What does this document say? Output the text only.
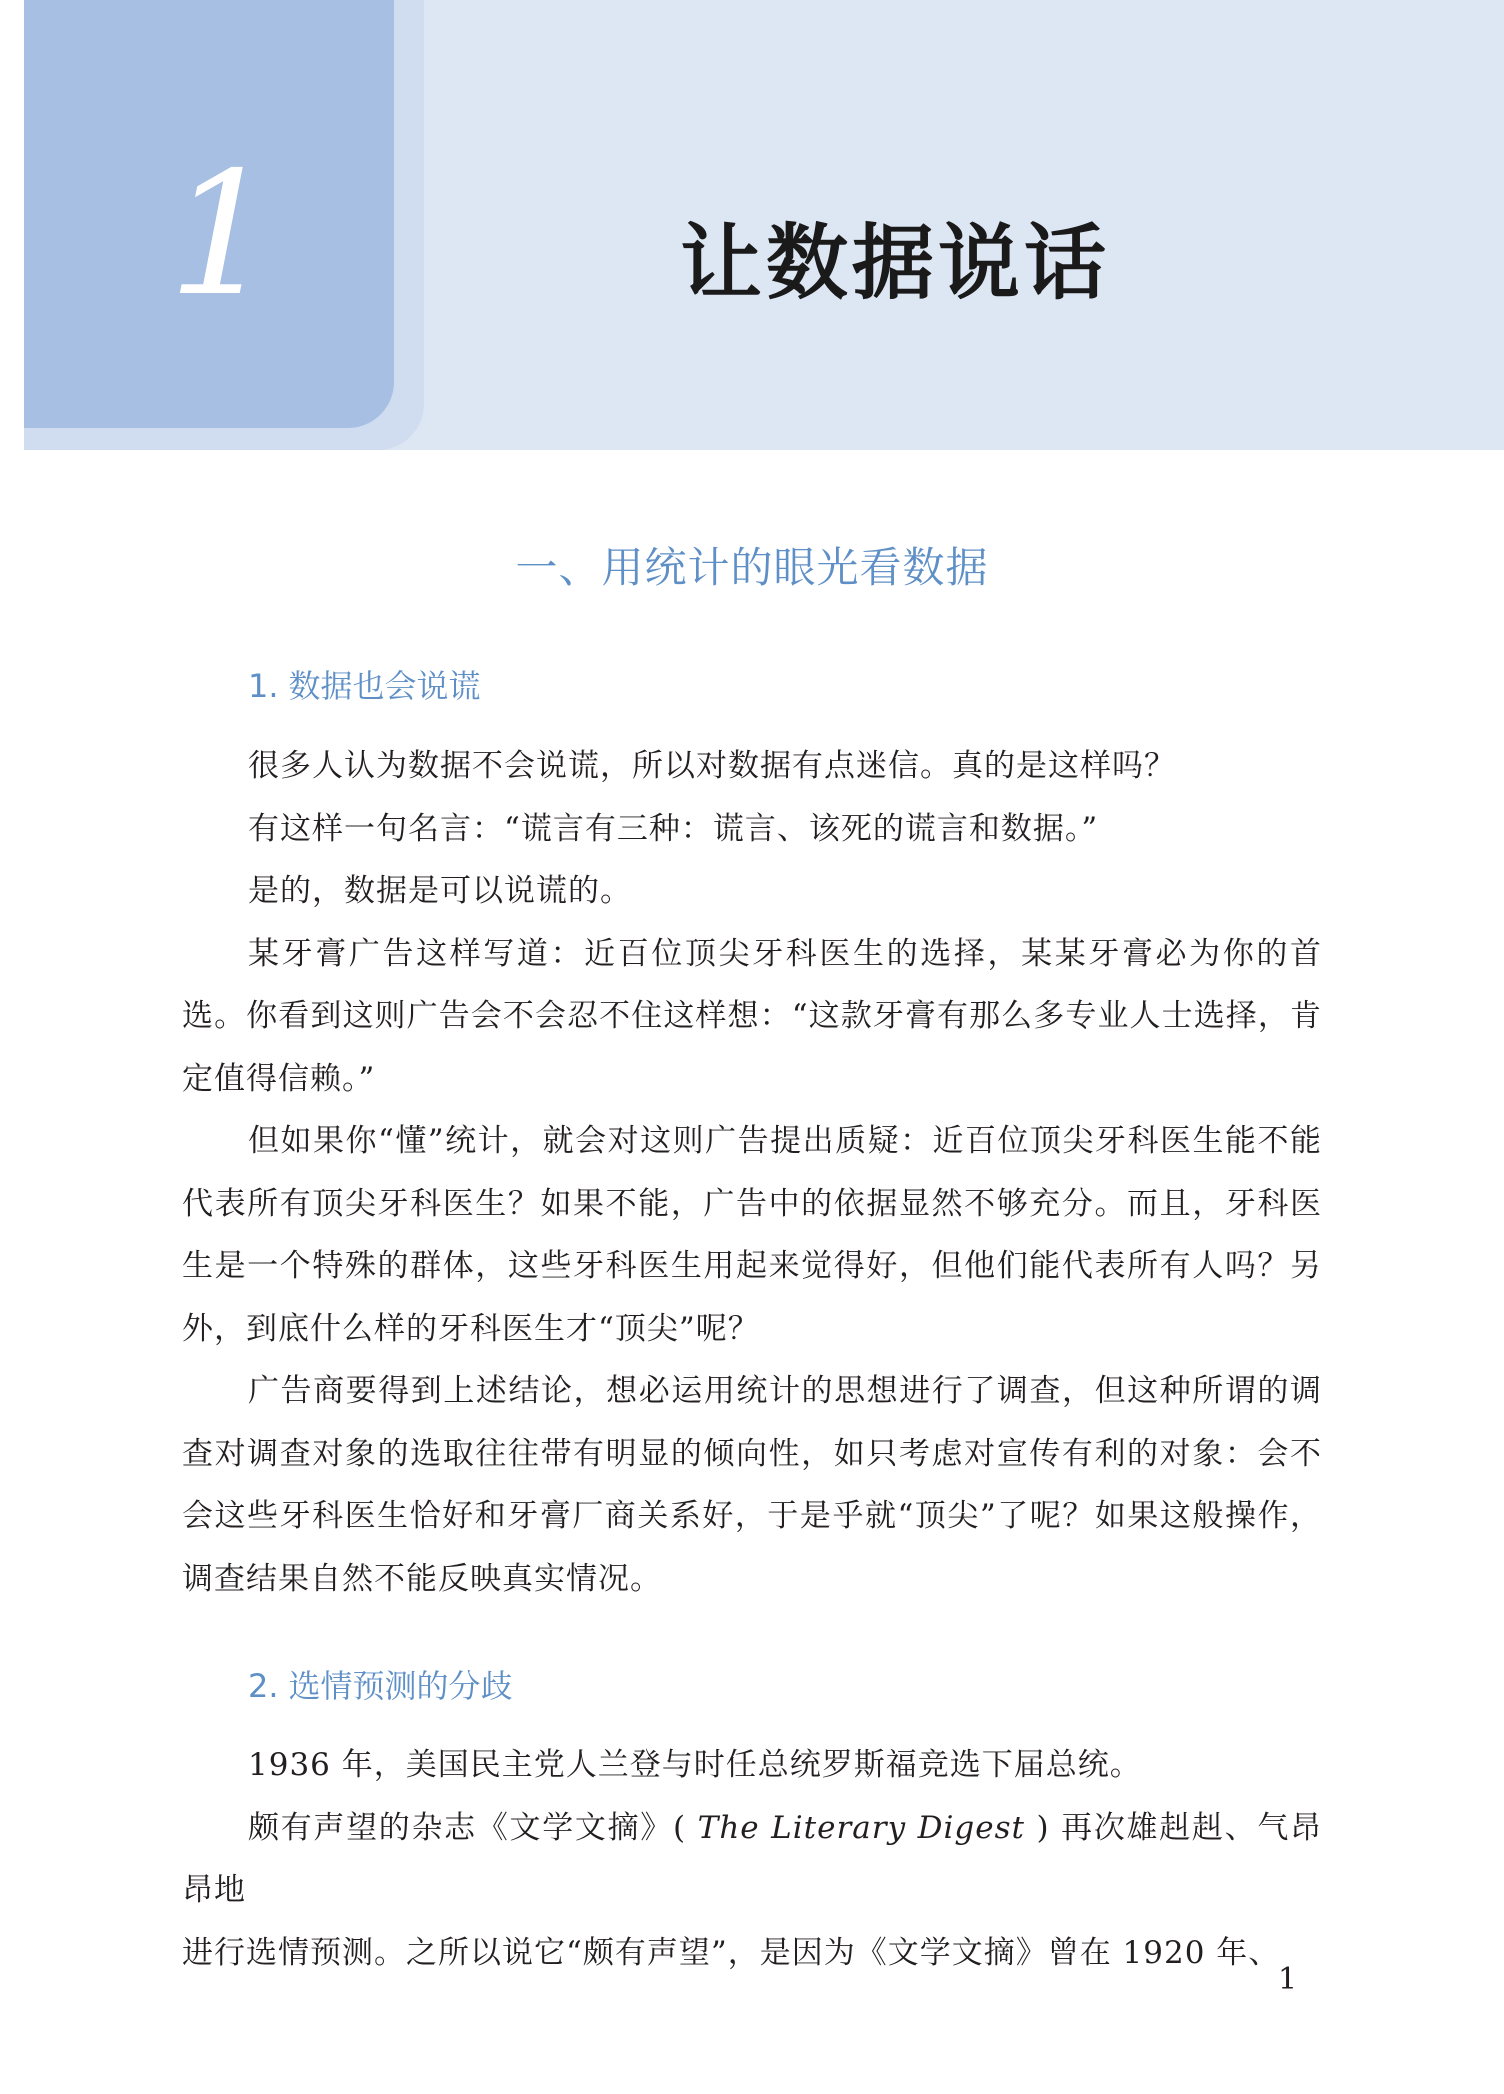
1	让数据说话
一、用统计的眼光看数据
1. 数据也会说谎

很多人认为数据不会说谎，所以对数据有点迷信。真的是这样吗？

有这样一句名言：“谎言有三种：谎言、该死的谎言和数据。”

是的，数据是可以说谎的。

某牙膏广告这样写道：近百位顶尖牙科医生的选择，某某牙膏必为你的首选。你看到这则广告会不会忍不住这样想：“这款牙膏有那么多专业人士选择，肯定值得信赖。”

但如果你“懂”统计，就会对这则广告提出质疑：近百位顶尖牙科医生能不能代表所有顶尖牙科医生？如果不能，广告中的依据显然不够充分。而且，牙科医生是一个特殊的群体，这些牙科医生用起来觉得好，但他们能代表所有人吗？另外，到底什么样的牙科医生才“顶尖”呢？

广告商要得到上述结论，想必运用统计的思想进行了调查，但这种所谓的调查对调查对象的选取往往带有明显的倾向性，如只考虑对宣传有利的对象：会不会这些牙科医生恰好和牙膏厂商关系好，于是乎就“顶尖”了呢？如果这般操作，调查结果自然不能反映真实情况。

2. 选情预测的分歧

1936 年，美国民主党人兰登与时任总统罗斯福竞选下届总统。

颇有声望的杂志《文学文摘》( The Literary Digest ) 再次雄赳赳、气昂昂地

进行选情预测。之所以说它“颇有声望”，是因为《文学文摘》曾在 1920 年、

1
